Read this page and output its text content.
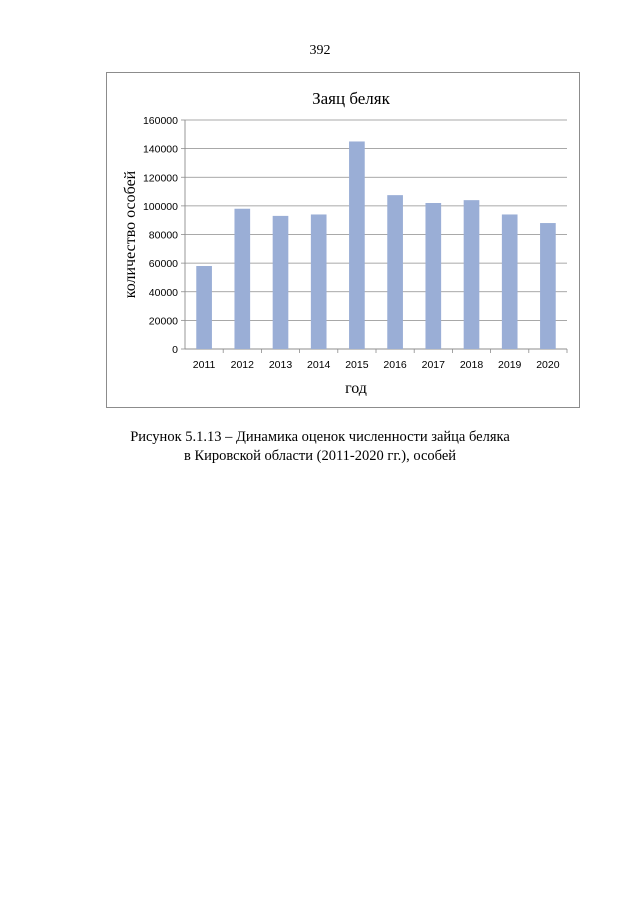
392
Заяц беляк
0
20000
40000
60000
80000
100000
120000
140000
160000
2011 2012 2013 2014 2015 2016 2017 2018 2019 2020
год
количество особей
Рисунок 5.1.13 – Динамика оценок численности зайца беляка
в Кировской области (2011-2020 гг.), особей
